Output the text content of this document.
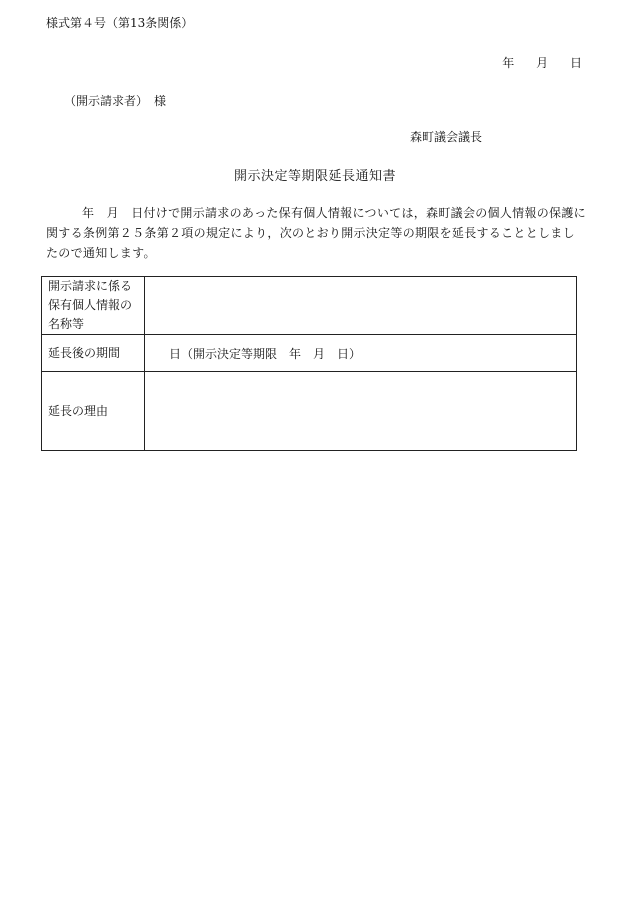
様式第４号（第13条関係）
年 月 日
（開示請求者）　様
森町議会議長
開示決定等期限延長通知書
年　月　日付けで開示請求のあった保有個人情報については，森町議会の個人情報の保護に関する条例第２５条第２項の規定により，次のとおり開示決定等の期限を延長することとしましたので通知します。
開示請求に係る保有個人情報の名称等	
延長後の期間	日（開示決定等期限　年　月　日）
延長の理由	
